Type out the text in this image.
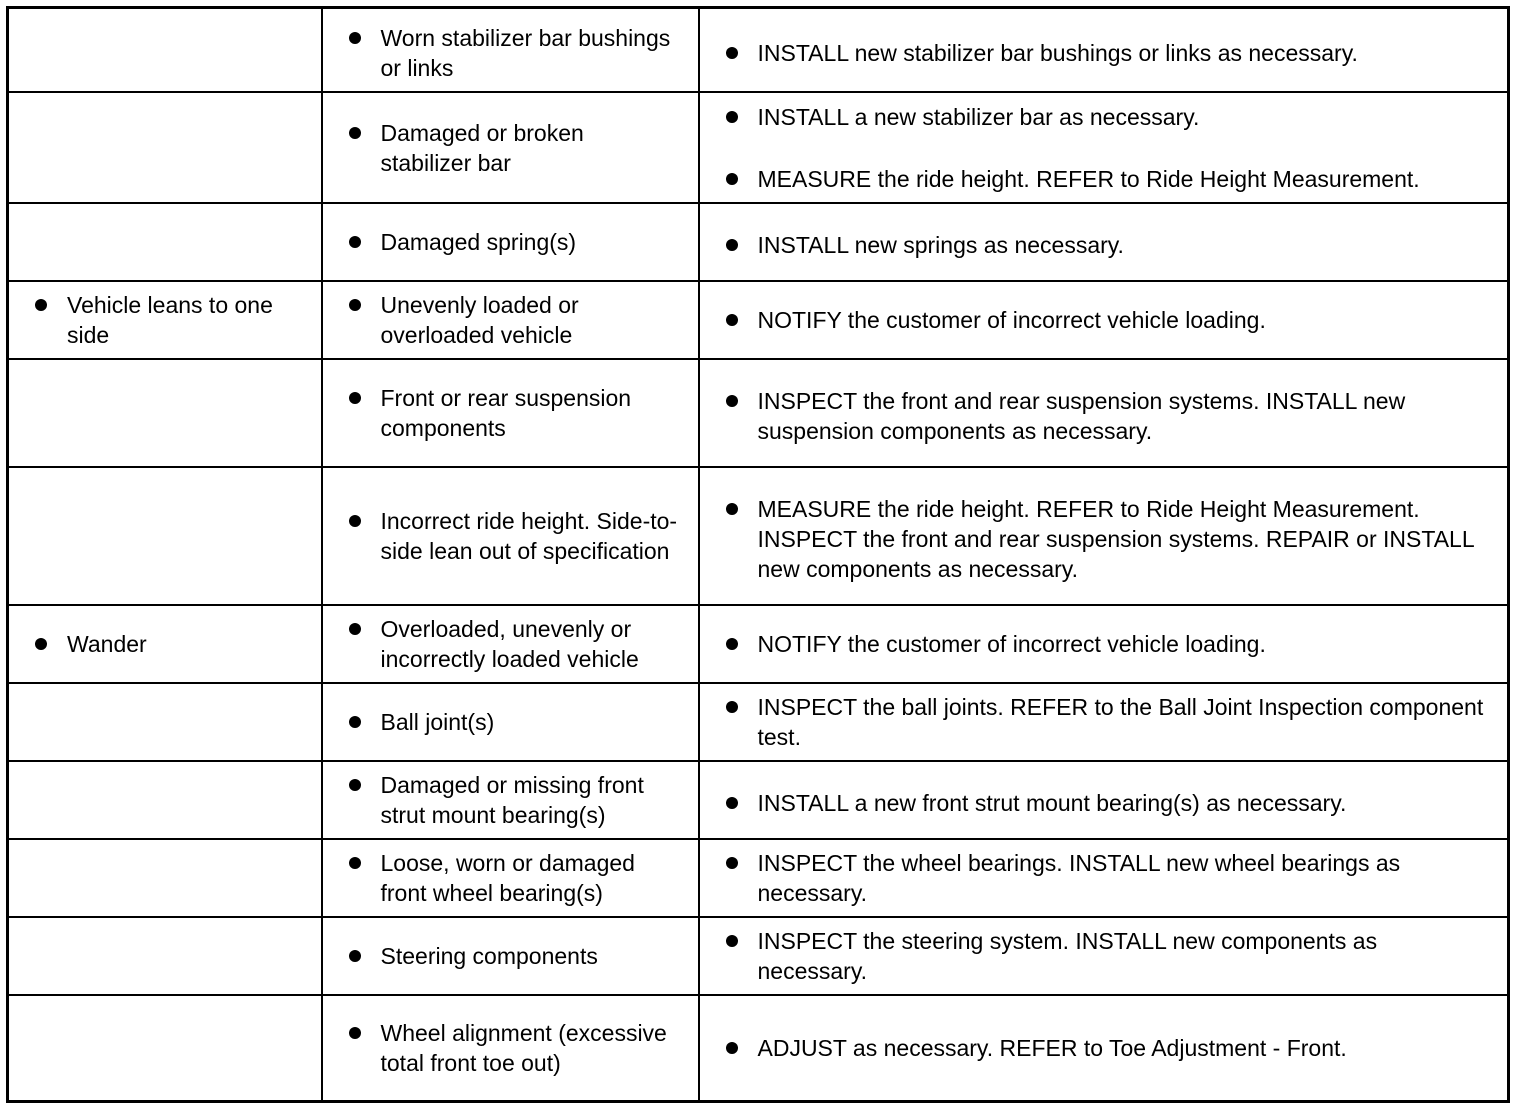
	Worn stabilizer bar bushings or links	INSTALL new stabilizer bar bushings or links as necessary.

	Damaged or broken stabilizer bar	INSTALL a new stabilizer bar as necessary.
MEASURE the ride height. REFER to Ride Height Measurement.

	Damaged spring(s)	INSTALL new springs as necessary.

Vehicle leans to one side	Unevenly loaded or overloaded vehicle	NOTIFY the customer of incorrect vehicle loading.

	Front or rear suspension components	INSPECT the front and rear suspension systems. INSTALL new suspension components as necessary.

	Incorrect ride height. Side-to-side lean out of specification	MEASURE the ride height. REFER to Ride Height Measurement. INSPECT the front and rear suspension systems. REPAIR or INSTALL new components as necessary.

Wander	Overloaded, unevenly or incorrectly loaded vehicle	NOTIFY the customer of incorrect vehicle loading.

	Ball joint(s)	INSPECT the ball joints. REFER to the Ball Joint Inspection component test.

	Damaged or missing front strut mount bearing(s)	INSTALL a new front strut mount bearing(s) as necessary.

	Loose, worn or damaged front wheel bearing(s)	INSPECT the wheel bearings. INSTALL new wheel bearings as necessary.

	Steering components	INSPECT the steering system. INSTALL new components as necessary.

	Wheel alignment (excessive total front toe out)	ADJUST as necessary. REFER to Toe Adjustment - Front.
